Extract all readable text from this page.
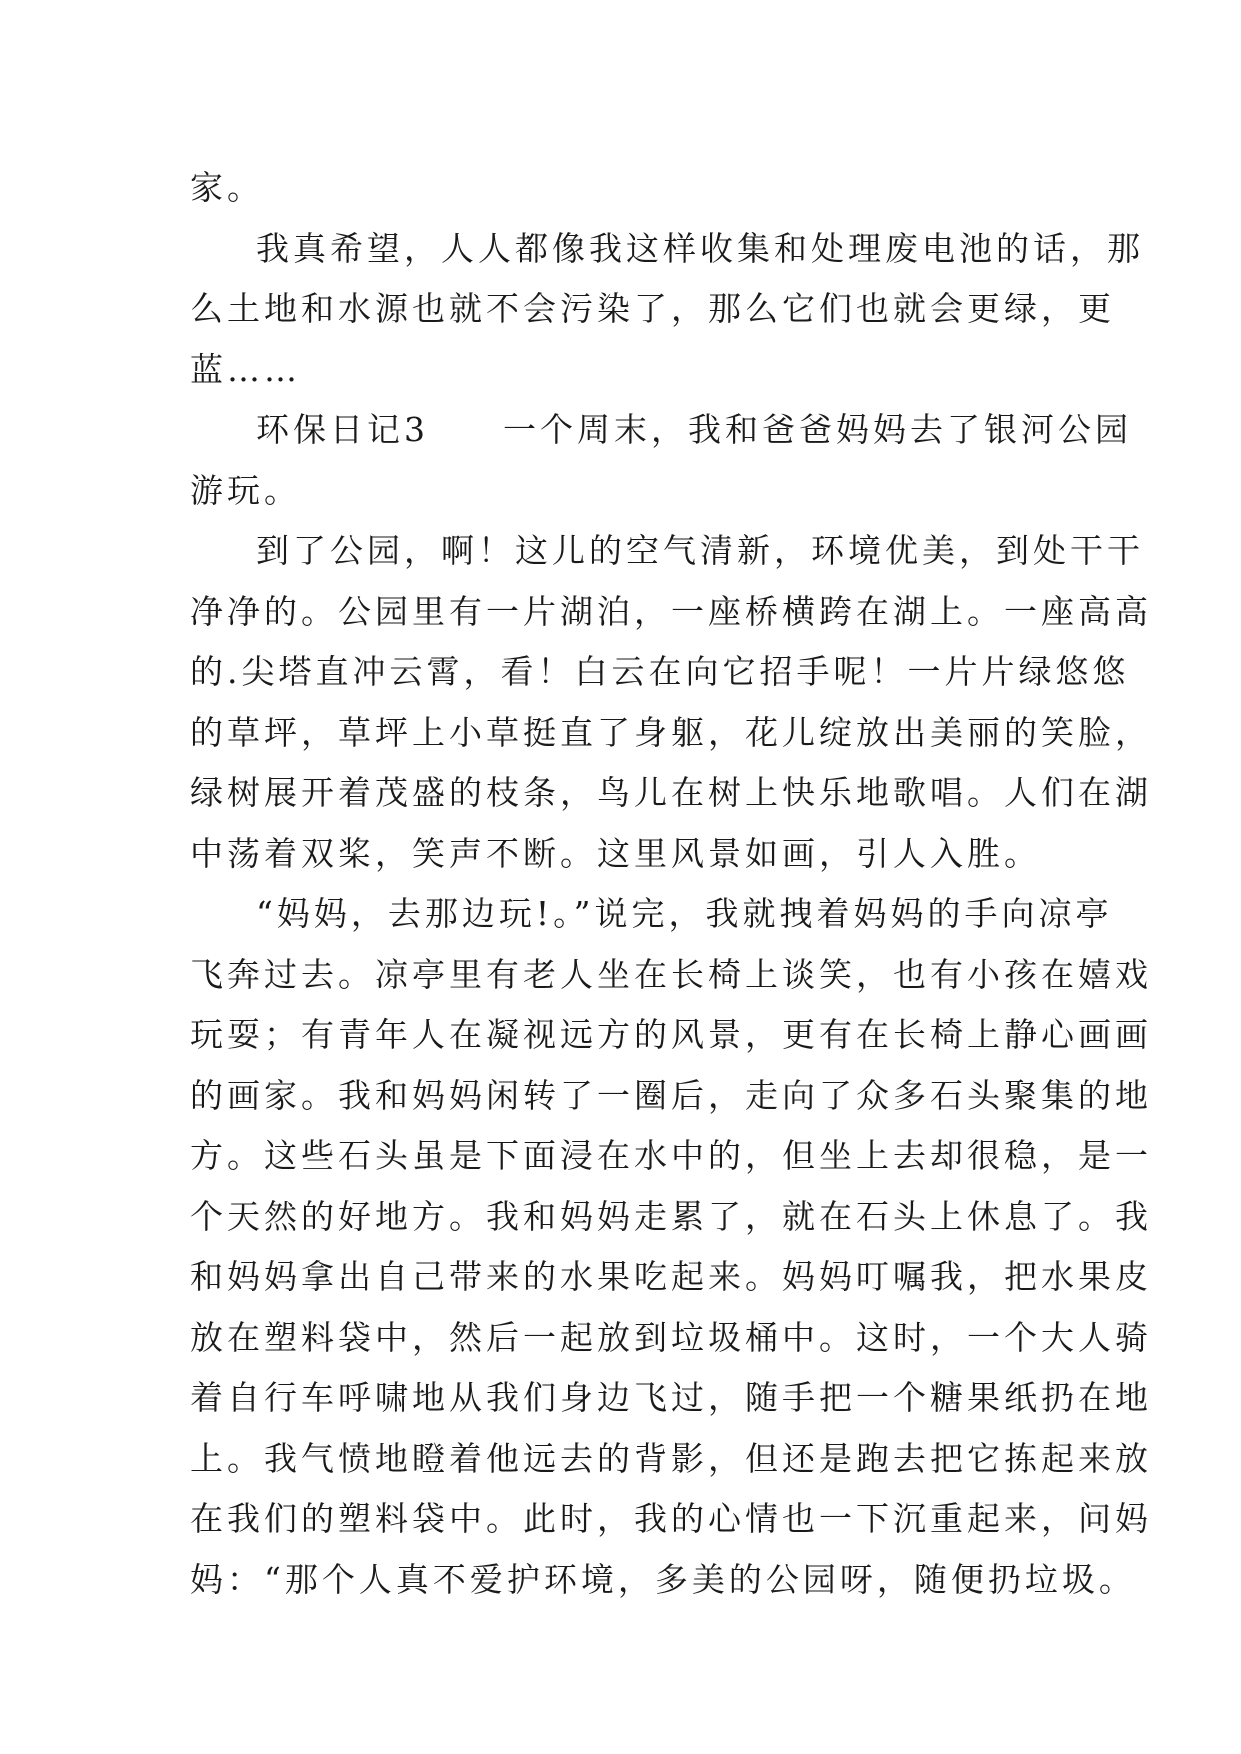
家。
我真希望，人人都像我这样收集和处理废电池的话，那
么土地和水源也就不会污染了，那么它们也就会更绿，更
蓝……
环保日记3　　一个周末，我和爸爸妈妈去了银河公园
游玩。
到了公园，啊！这儿的空气清新，环境优美，到处干干
净净的。公园里有一片湖泊，一座桥横跨在湖上。一座高高
的.尖塔直冲云霄，看！白云在向它招手呢！一片片绿悠悠
的草坪，草坪上小草挺直了身躯，花儿绽放出美丽的笑脸，
绿树展开着茂盛的枝条，鸟儿在树上快乐地歌唱。人们在湖
中荡着双桨，笑声不断。这里风景如画，引人入胜。
“妈妈，去那边玩!。”说完，我就拽着妈妈的手向凉亭
飞奔过去。凉亭里有老人坐在长椅上谈笑，也有小孩在嬉戏
玩耍；有青年人在凝视远方的风景，更有在长椅上静心画画
的画家。我和妈妈闲转了一圈后，走向了众多石头聚集的地
方。这些石头虽是下面浸在水中的，但坐上去却很稳，是一
个天然的好地方。我和妈妈走累了，就在石头上休息了。我
和妈妈拿出自己带来的水果吃起来。妈妈叮嘱我，把水果皮
放在塑料袋中，然后一起放到垃圾桶中。这时，一个大人骑
着自行车呼啸地从我们身边飞过，随手把一个糖果纸扔在地
上。我气愤地瞪着他远去的背影，但还是跑去把它拣起来放
在我们的塑料袋中。此时，我的心情也一下沉重起来，问妈
妈：“那个人真不爱护环境，多美的公园呀，随便扔垃圾。
